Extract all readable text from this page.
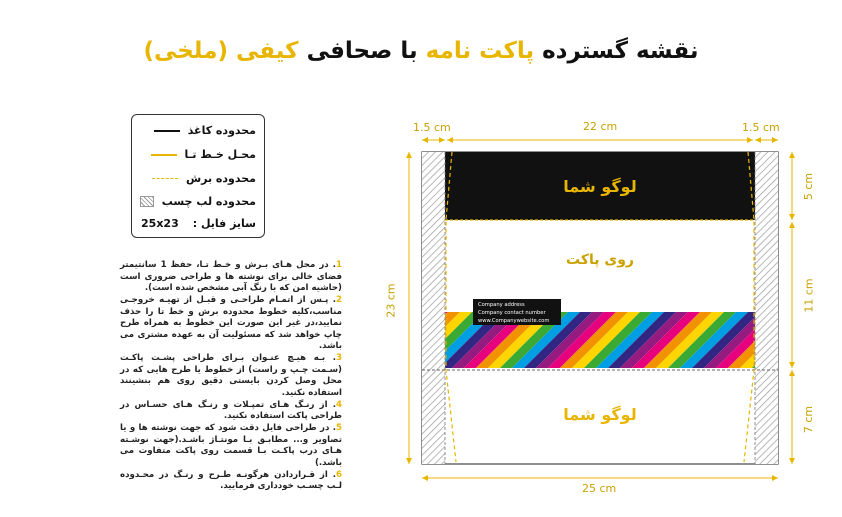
نقشه گسترده پاکت نامه با صحافی کیفی (ملخی)
محدوده کاغذ
محـل خـط تـا
محدوده برش
محدوده لب چسب
سایز فایل :
25x23

1. در محل هـای بـرش و خـط تـا، حفظ 1 سانتیمتر فضای خالی برای نوشته ها و طراحی ضروری است (حاشیه امن که با رنگ آبی مشخص شده است).

2. پـس از اتمـام طراحـی و قبـل از تهیـه خروجـی مناسب،کلیه خطوط محدوده برش و خط تا را حذف نمایید،در غیر این صورت این خطوط به همراه طرح چاپ خواهد شد که مسئولیت آن به عهده مشتری می باشد.

3. بـه هیـچ عنـوان بـرای طراحی پشـت پاکـت (سـمت چـپ و راست) از خطوط یا طرح هایی که در محل وصل کردن بایستی دقیق روی هم بنشینند استفاده نکنید.

4. از رنـگ هـای تمپـلات و رنـگ هـای حسـاس در طراحی پاکت استفاده نکنید.

5. در طراحی فایل دقت شود که جهت نوشته ها و یا تصاویر و... مطابـق بـا مونتـاژ باشـد.(جهت نوشـته هـای درب پاکـت بـا قسمت روی پاکت متفاوت می باشد.)

6. از قـراردادن هرگونـه طـرح و رنـگ در محـدوده لـب چسـب خودداری فرمایید.

لوگو شما
روی پاکت
Company address
Company contact number
www.Companywebsite.com
لوگو شما
1.5 cm	22 cm	1.5 cm
25 cm
23 cm
5 cm
11 cm
7 cm
